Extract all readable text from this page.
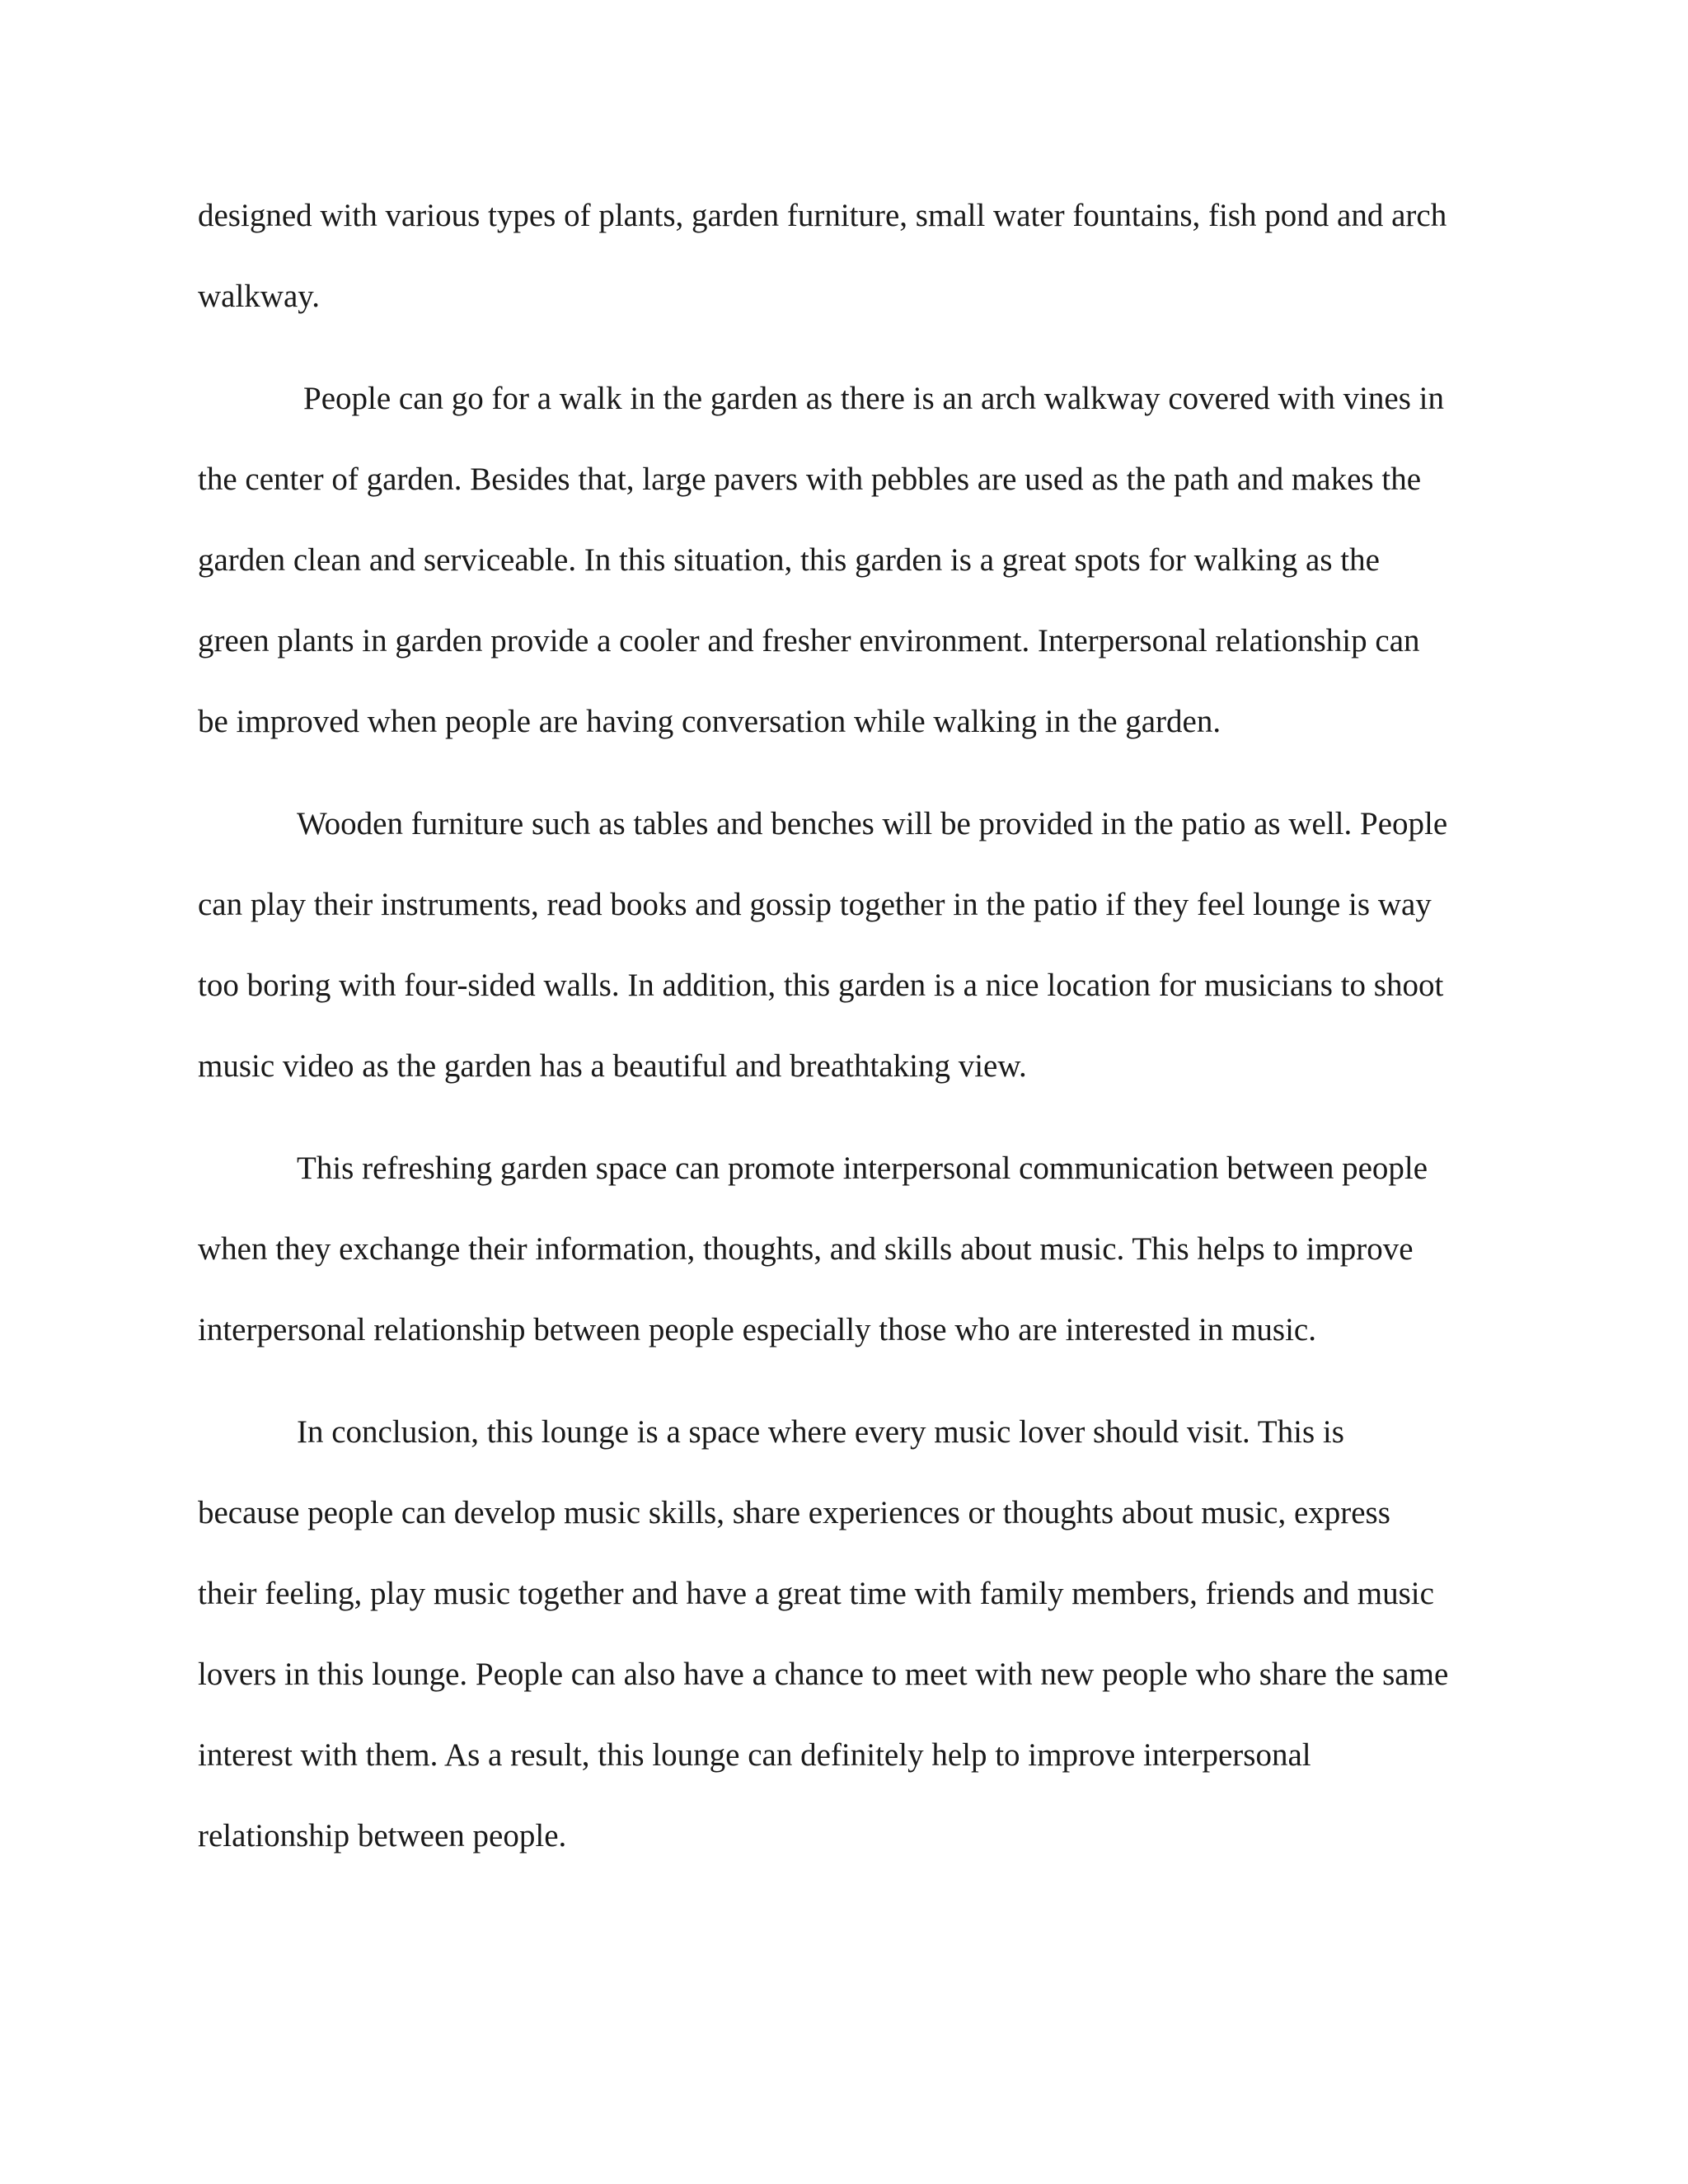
designed with various types of plants, garden furniture, small water fountains, fish pond and arch
walkway.
People can go for a walk in the garden as there is an arch walkway covered with vines in
the center of garden. Besides that, large pavers with pebbles are used as the path and makes the
garden clean and serviceable. In this situation, this garden is a great spots for walking as the
green plants in garden provide a cooler and fresher environment. Interpersonal relationship can
be improved when people are having conversation while walking in the garden.
Wooden furniture such as tables and benches will be provided in the patio as well. People
can play their instruments, read books and gossip together in the patio if they feel lounge is way
too boring with four-sided walls. In addition, this garden is a nice location for musicians to shoot
music video as the garden has a beautiful and breathtaking view.
This refreshing garden space can promote interpersonal communication between people
when they exchange their information, thoughts, and skills about music. This helps to improve
interpersonal relationship between people especially those who are interested in music.
In conclusion, this lounge is a space where every music lover should visit. This is
because people can develop music skills, share experiences or thoughts about music, express
their feeling, play music together and have a great time with family members, friends and music
lovers in this lounge. People can also have a chance to meet with new people who share the same
interest with them. As a result, this lounge can definitely help to improve interpersonal
relationship between people.
